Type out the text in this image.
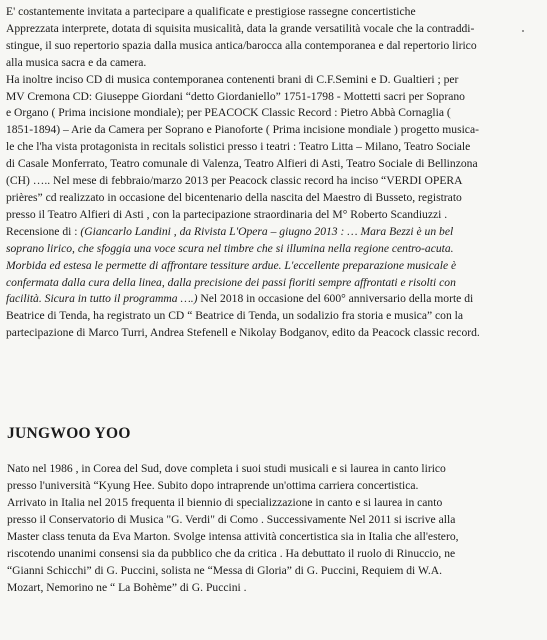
E' costantemente invitata a partecipare a qualificate e prestigiose rassegne concertistiche

Apprezzata interprete, dotata di squisita musicalità, data la grande versatilità vocale che la contraddi-

stingue, il suo repertorio spazia dalla musica antica/barocca alla contemporanea e dal repertorio lirico

alla musica sacra e da camera.

Ha inoltre inciso CD di musica contemporanea contenenti brani di C.F.Semini e D. Gualtieri ; per

MV Cremona CD: Giuseppe Giordani “detto Giordaniello” 1751-1798 - Mottetti sacri per Soprano

e Organo ( Prima incisione mondiale); per PEACOCK Classic Record : Pietro Abbà Cornaglia (

1851-1894) – Arie da Camera per Soprano e Pianoforte ( Prima incisione mondiale ) progetto musica-

le che l'ha vista protagonista in recitals solistici presso i teatri : Teatro Litta – Milano, Teatro Sociale

di Casale Monferrato, Teatro comunale di Valenza, Teatro Alfieri di Asti, Teatro Sociale di Bellinzona

(CH) ….. Nel mese di febbraio/marzo 2013 per Peacock classic record ha inciso “VERDI OPERA

prières” cd realizzato in occasione del bicentenario della nascita del Maestro di Busseto, registrato

presso il Teatro Alfieri di Asti , con la partecipazione straordinaria del M° Roberto Scandiuzzi .

Recensione di : (Giancarlo Landini , da Rivista L'Opera – giugno 2013 : … Mara Bezzi è un bel

soprano lirico, che sfoggia una voce scura nel timbre che si illumina nella regione centro-acuta.

Morbida ed estesa le permette di affrontare tessiture ardue. L'eccellente preparazione musicale è

confermata dalla cura della linea, dalla precisione dei passi fioriti sempre affrontati e risolti con

facilità. Sicura in tutto il programma ….) Nel 2018 in occasione del 600° anniversario della morte di

Beatrice di Tenda, ha registrato un CD “ Beatrice di Tenda, un sodalizio fra storia e musica” con la

partecipazione di Marco Turri, Andrea Stefenell e Nikolay Bodganov, edito da Peacock classic record.

JUNGWOO YOO

Nato nel 1986 , in Corea del Sud, dove completa i suoi studi musicali e si laurea in canto lirico

presso l'università “Kyung Hee. Subito dopo intraprende un'ottima carriera concertistica.

Arrivato in Italia nel 2015 frequenta il biennio di specializzazione in canto e si laurea in canto

presso il Conservatorio di Musica "G. Verdi" di Como . Successivamente Nel 2011 si iscrive alla

Master class tenuta da Eva Marton. Svolge intensa attività concertistica sia in Italia che all'estero,

riscotendo unanimi consensi sia da pubblico che da critica . Ha debuttato il ruolo di Rinuccio, ne

“Gianni Schicchi” di G. Puccini, solista ne “Messa di Gloria” di G. Puccini, Requiem di W.A.

Mozart, Nemorino ne “ La Bohème” di G. Puccini .
